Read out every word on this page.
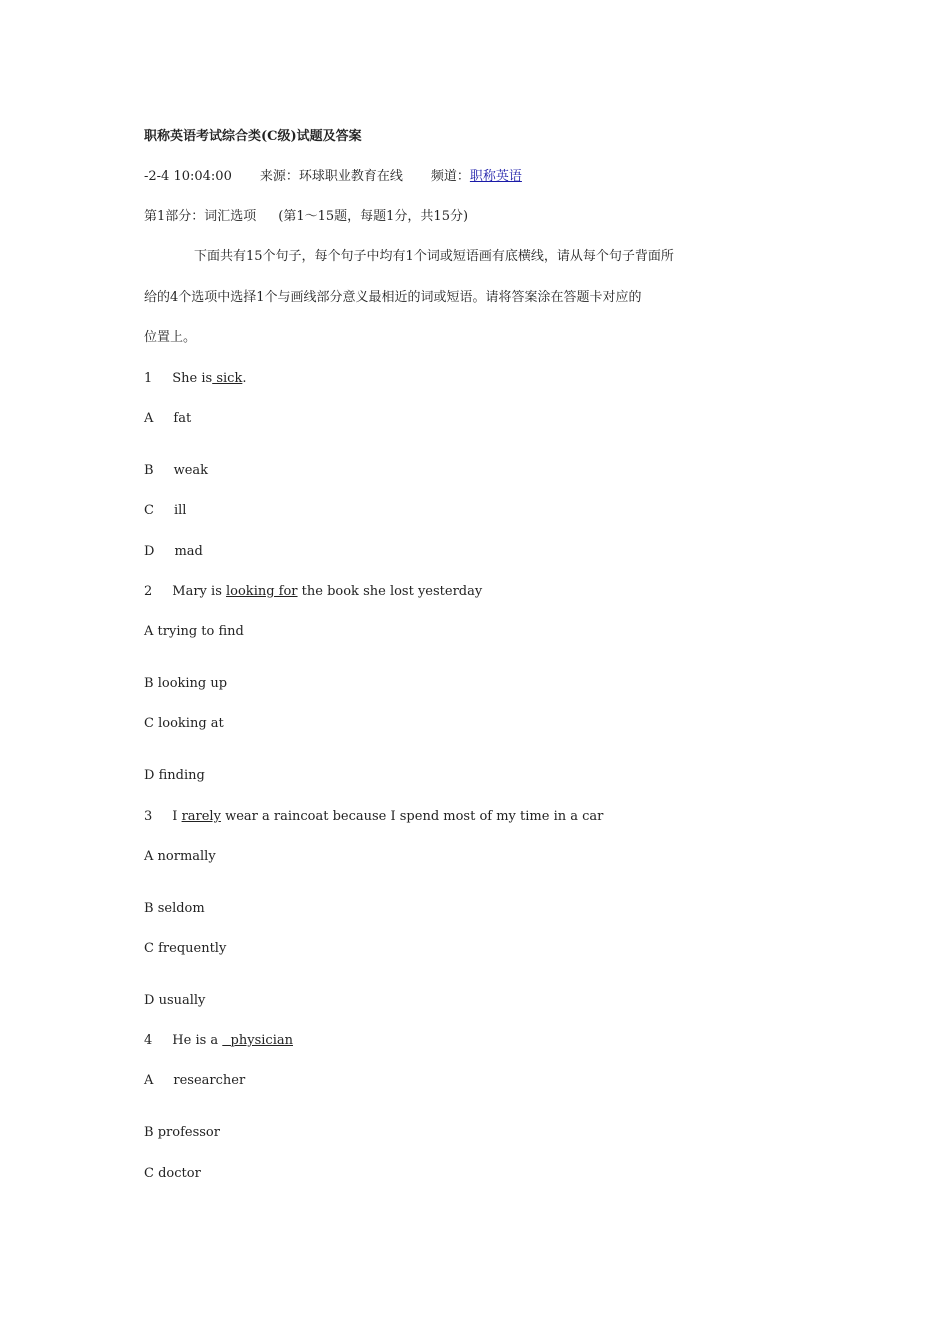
职称英语考试综合类(C级)试题及答案
-2-4 10:04:00 来源：环球职业教育在线 频道：职称英语
第1部分：词汇选项 (第1～15题，每题1分，共15分)
下面共有15个句子，每个句子中均有1个词或短语画有底横线，请从每个句子背面所
给的4个选项中选择1个与画线部分意义最相近的词或短语。请将答案涂在答题卡对应的
位置上。
1 She is sick.
A fat
B weak
C ill
D mad
2 Mary is looking for the book she lost yesterday
A trying to find
B looking up
C looking at
D finding
3 I rarely wear a raincoat because I spend most of my time in a car
A normally
B seldom
C frequently
D usually
4 He is a   physician
A researcher
B professor
C doctor
